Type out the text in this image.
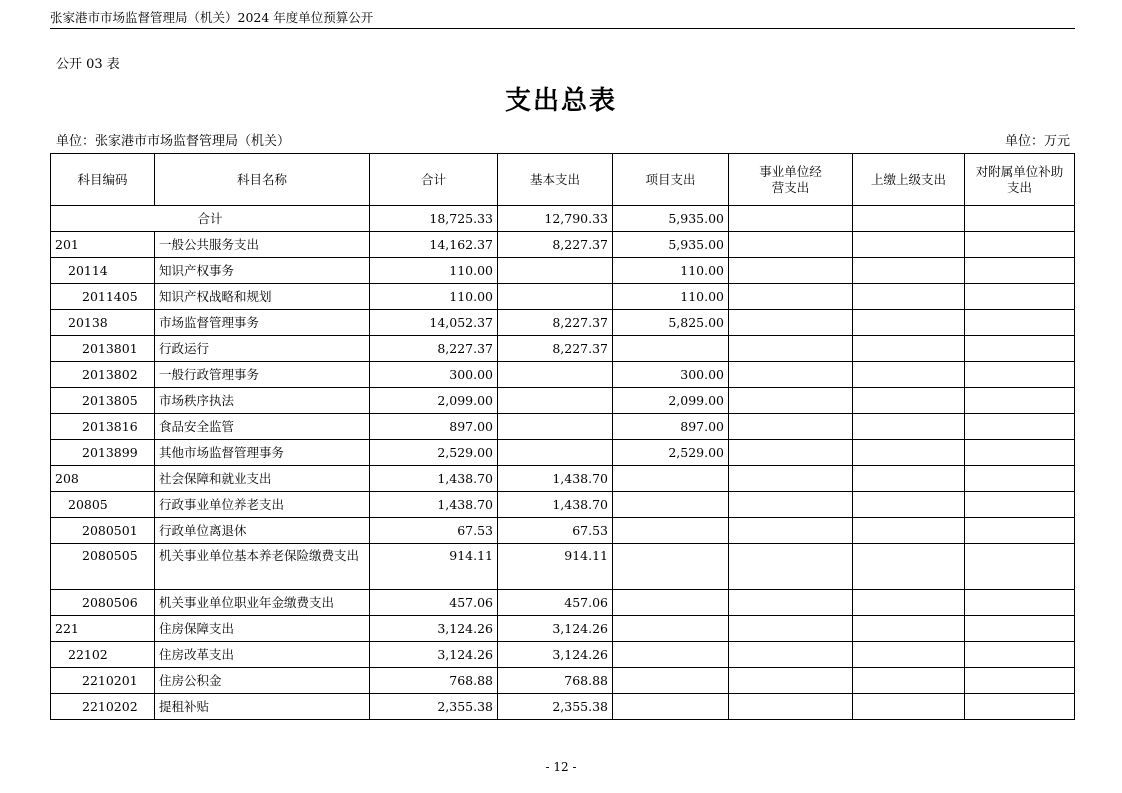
张家港市市场监督管理局（机关）2024 年度单位预算公开
公开 03 表
支出总表
单位：张家港市市场监督管理局（机关）	单位：万元
科目编码	科目名称	合计	基本支出	项目支出	事业单位经营支出	上缴上级支出	对附属单位补助支出
合计		18,725.33	12,790.33	5,935.00			
201	一般公共服务支出	14,162.37	8,227.37	5,935.00			
20114	知识产权事务	110.00		110.00			
2011405	知识产权战略和规划	110.00		110.00			
20138	市场监督管理事务	14,052.37	8,227.37	5,825.00			
2013801	行政运行	8,227.37	8,227.37				
2013802	一般行政管理事务	300.00		300.00			
2013805	市场秩序执法	2,099.00		2,099.00			
2013816	食品安全监管	897.00		897.00			
2013899	其他市场监督管理事务	2,529.00		2,529.00			
208	社会保障和就业支出	1,438.70	1,438.70				
20805	行政事业单位养老支出	1,438.70	1,438.70				
2080501	行政单位离退休	67.53	67.53				
2080505	机关事业单位基本养老保险缴费支出	914.11	914.11				
2080506	机关事业单位职业年金缴费支出	457.06	457.06				
221	住房保障支出	3,124.26	3,124.26				
22102	住房改革支出	3,124.26	3,124.26				
2210201	住房公积金	768.88	768.88				
2210202	提租补贴	2,355.38	2,355.38				
- 12 -
